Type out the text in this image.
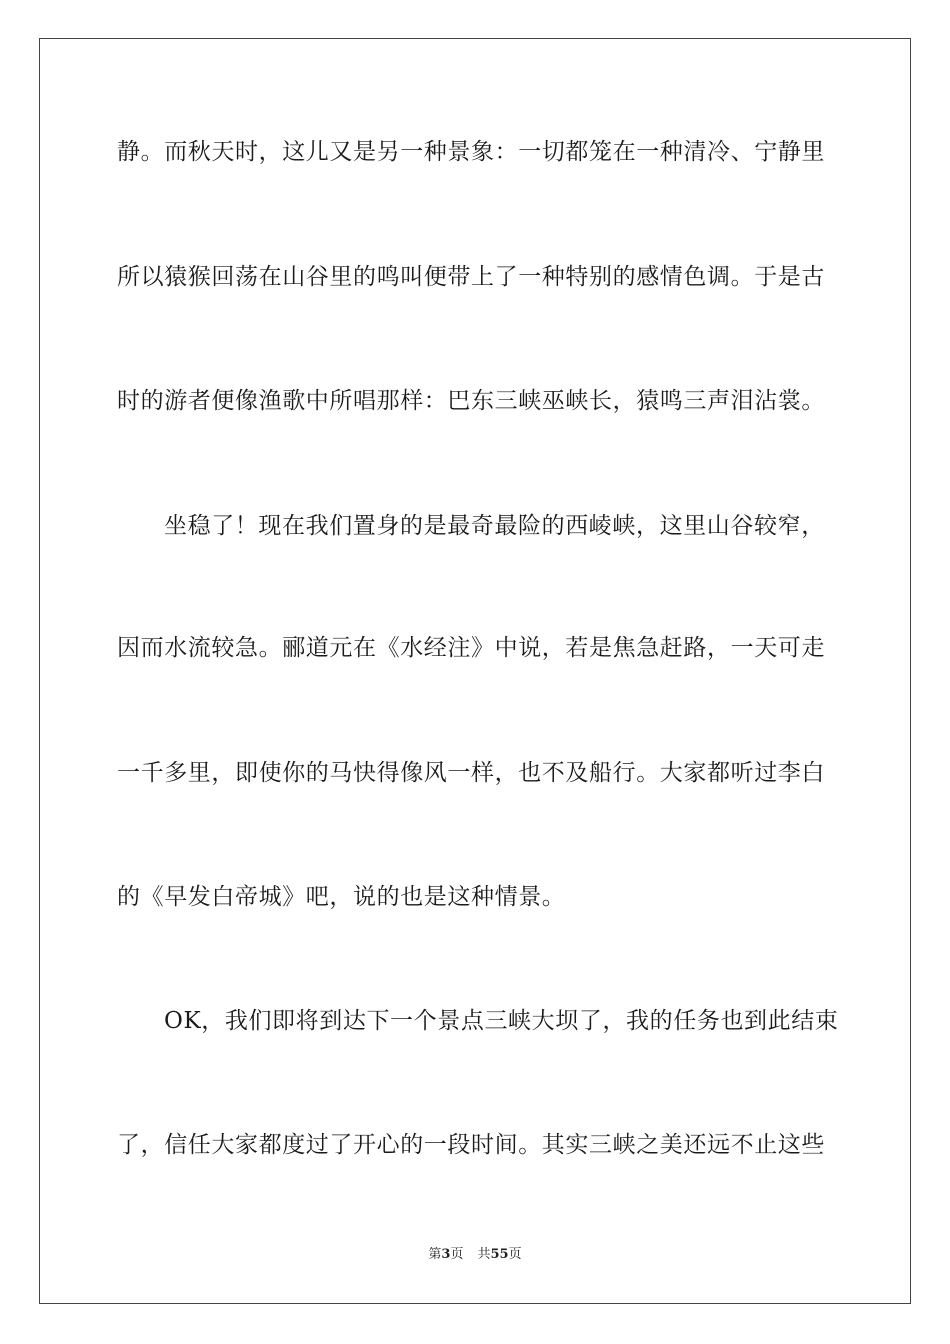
静。而秋天时，这儿又是另一种景象：一切都笼在一种清冷、宁静里
所以猿猴回荡在山谷里的鸣叫便带上了一种特别的感情色调。于是古
时的游者便像渔歌中所唱那样：巴东三峡巫峡长，猿鸣三声泪沾裳。
坐稳了！现在我们置身的是最奇最险的西崚峡，这里山谷较窄，
因而水流较急。郦道元在《水经注》中说，若是焦急赶路，一天可走
一千多里，即使你的马快得像风一样，也不及船行。大家都听过李白
的《早发白帝城》吧，说的也是这种情景。
OK，我们即将到达下一个景点三峡大坝了，我的任务也到此结束
了，信任大家都度过了开心的一段时间。其实三峡之美还远不止这些
第3页 共55页
